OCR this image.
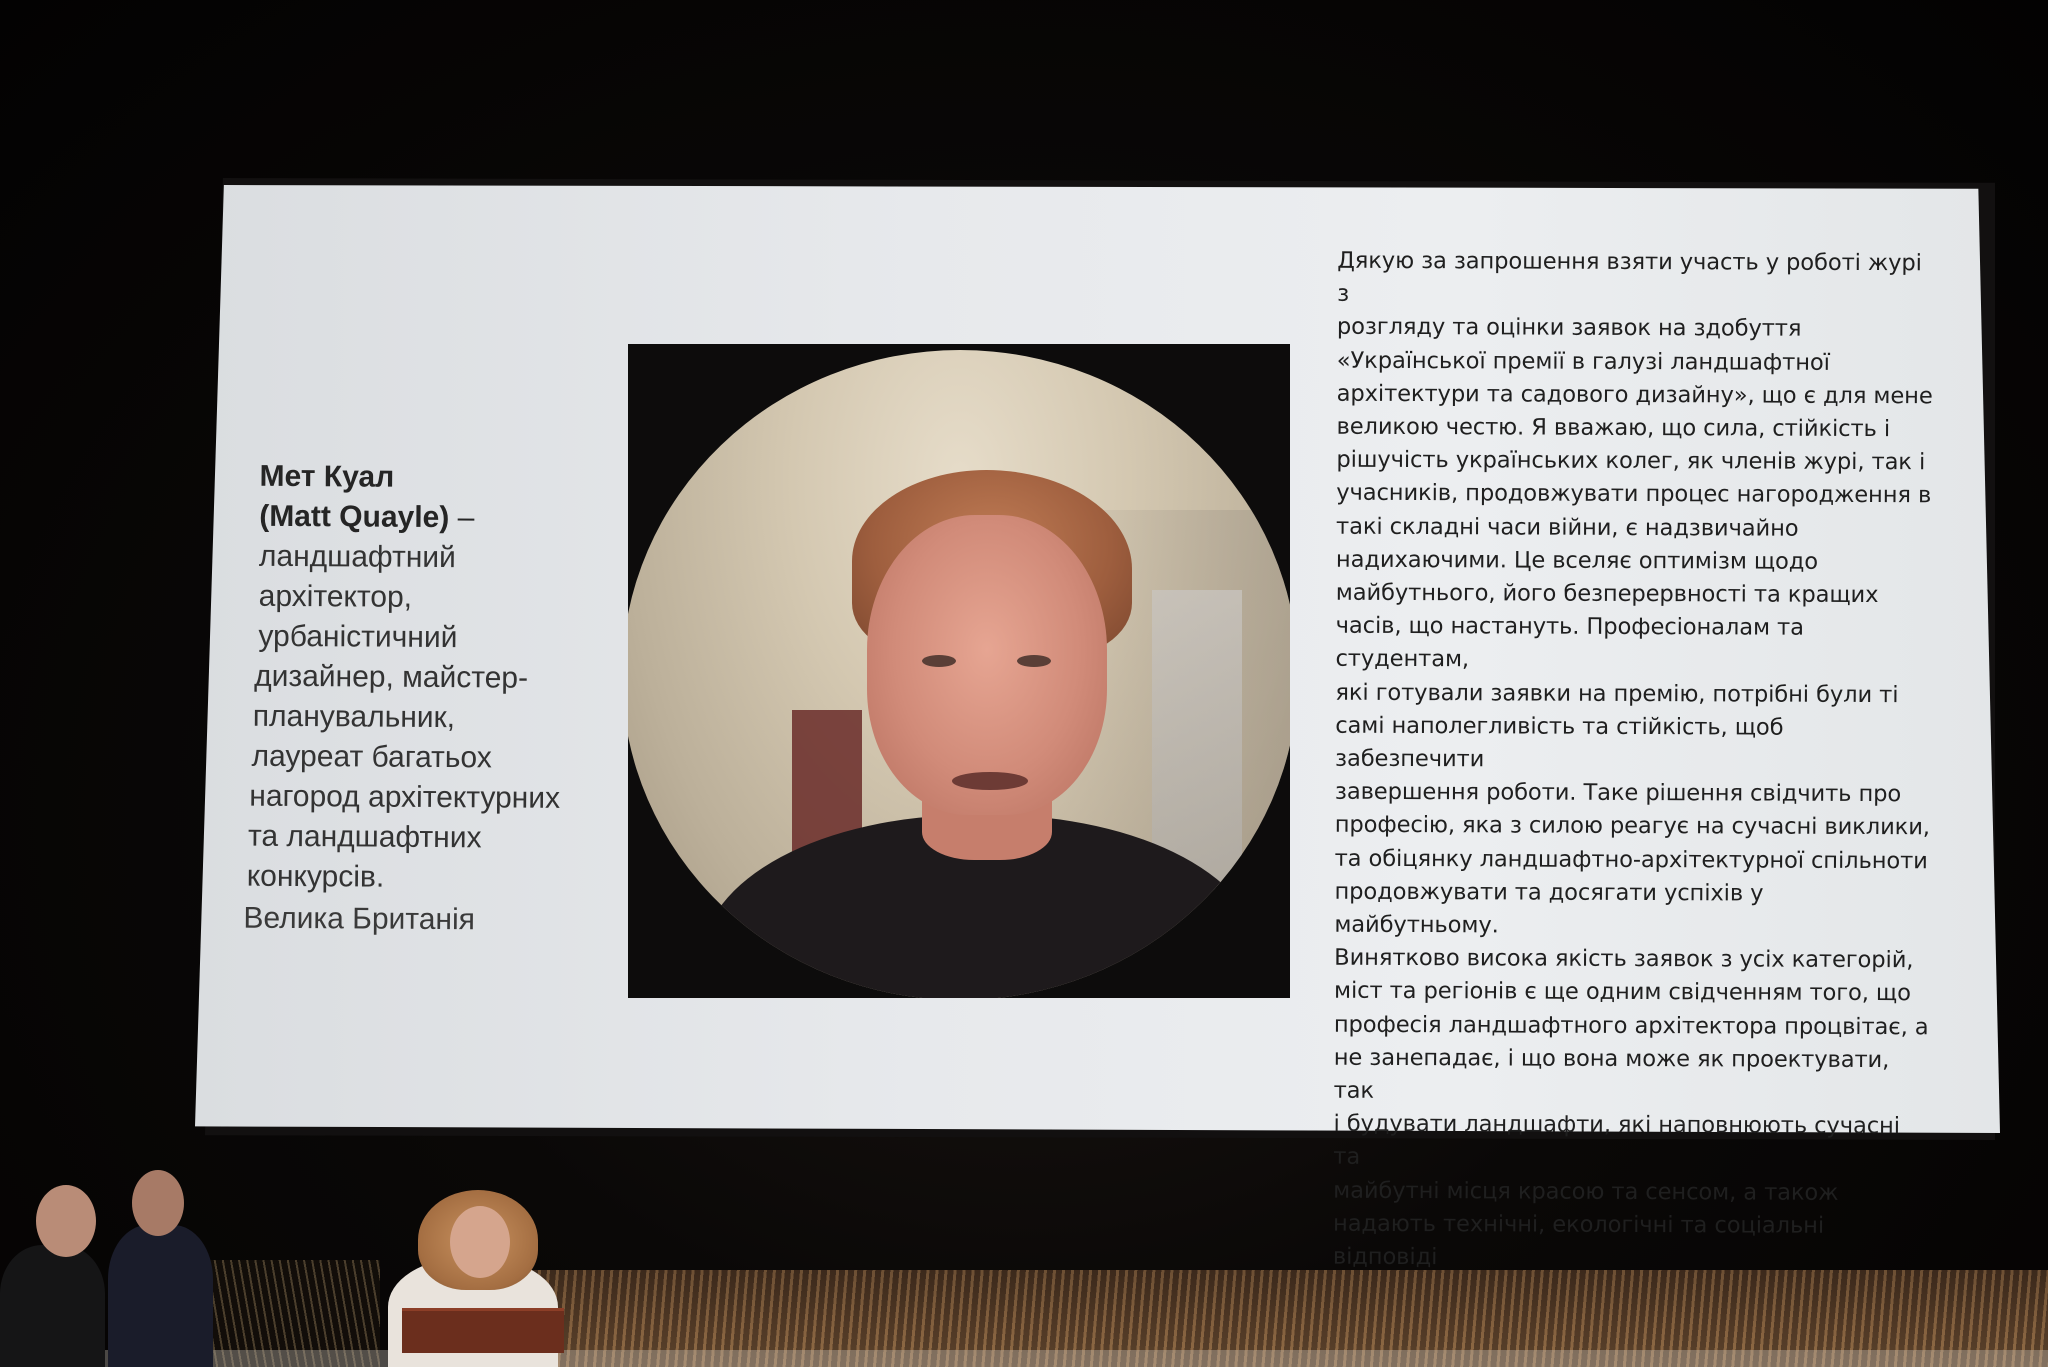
Мет Куал
(Matt Quayle) –
ландшафтний
архітектор,
урбаністичний
дизайнер, майстер-
планувальник,
лауреат багатьох
нагород архітектурних
та ландшафтних
конкурсів.
Велика Британія

Дякую за запрошення взяти участь у роботі журі з

розгляду та оцінки заявок на здобуття

«Української премії в галузі ландшафтної

архітектури та садового дизайну», що є для мене

великою честю. Я вважаю, що сила, стійкість і

рішучість українських колег, як членів журі, так і

учасників, продовжувати процес нагородження в

такі складні часи війни, є надзвичайно

надихаючими. Це вселяє оптимізм щодо

майбутнього, його безперервності та кращих

часів, що настануть. Професіоналам та студентам,

які готували заявки на премію, потрібні були ті

самі наполегливість та стійкість, щоб забезпечити

завершення роботи. Таке рішення свідчить про

професію, яка з силою реагує на сучасні виклики,

та обіцянку ландшафтно-архітектурної спільноти

продовжувати та досягати успіхів у майбутньому.

Винятково висока якість заявок з усіх категорій,

міст та регіонів є ще одним свідченням того, що

професія ландшафтного архітектора процвітає, а

не занепадає, і що вона може як проектувати, так

і будувати ландшафти, які наповнюють сучасні та

майбутні місця красою та сенсом, а також

надають технічні, екологічні та соціальні відповіді
